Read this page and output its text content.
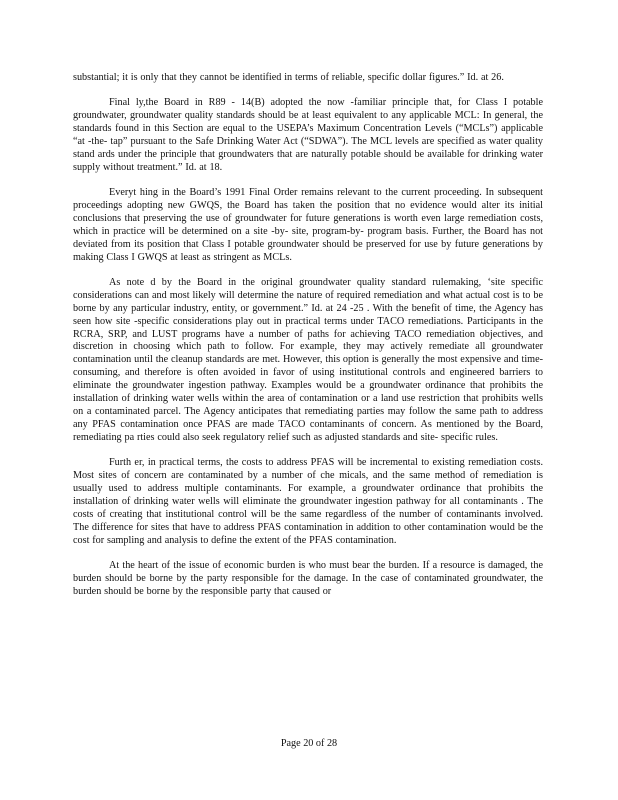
substantial; it is only that they cannot be identified in terms of reliable, specific dollar figures.” Id. at 26.

Final ly,the Board in R89 - 14(B) adopted the now -familiar principle that, for Class I potable groundwater, groundwater quality standards should be at least equivalent to any applicable MCL: In general, the standards found in this Section are equal to the USEPA’s Maximum Concentration Levels (“MCLs”) applicable “at -the- tap” pursuant to the Safe Drinking Water Act (“SDWA”). The MCL levels are specified as water quality stand ards under the principle that groundwaters that are naturally potable should be available for drinking water supply without treatment.” Id. at 18.

Everyt hing in the Board’s 1991 Final Order remains relevant to the current proceeding. In subsequent proceedings adopting new GWQS, the Board has taken the position that no evidence would alter its initial conclusions that preserving the use of groundwater for future generations is worth even large remediation costs, which in practice will be determined on a site -by- site, program-by- program basis. Further, the Board has not deviated from its position that Class I potable groundwater should be preserved for use by future generations by making Class I GWQS at least as stringent as MCLs.

As note d by the Board in the original groundwater quality standard rulemaking, ‘site specific considerations can and most likely will determine the nature of required remediation and what actual cost is to be borne by any particular industry, entity, or government.” Id. at 24 -25 . With the benefit of time, the Agency has seen how site -specific considerations play out in practical terms under TACO remediations. Participants in the RCRA, SRP, and LUST programs have a number of paths for achieving TACO remediation objectives, and discretion in choosing which path to follow. For example, they may actively remediate all groundwater contamination until the cleanup standards are met. However, this option is generally the most expensive and time-consuming, and therefore is often avoided in favor of using institutional controls and engineered barriers to eliminate the groundwater ingestion pathway. Examples would be a groundwater ordinance that prohibits the installation of drinking water wells within the area of contamination or a land use restriction that prohibits wells on a contaminated parcel. The Agency anticipates that remediating parties may follow the same path to address any PFAS contamination once PFAS are made TACO contaminants of concern. As mentioned by the Board, remediating pa rties could also seek regulatory relief such as adjusted standards and site- specific rules.

Furth er, in practical terms, the costs to address PFAS will be incremental to existing remediation costs. Most sites of concern are contaminated by a number of che micals, and the same method of remediation is usually used to address multiple contaminants. For example, a groundwater ordinance that prohibits the installation of drinking water wells will eliminate the groundwater ingestion pathway for all contaminants . The costs of creating that institutional control will be the same regardless of the number of contaminants involved. The difference for sites that have to address PFAS contamination in addition to other contamination would be the cost for sampling and analysis to define the extent of the PFAS contamination.

At the heart of the issue of economic burden is who must bear the burden. If a resource is damaged, the burden should be borne by the party responsible for the damage. In the case of contaminated groundwater, the burden should be borne by the responsible party that caused or

Page 20 of 28
